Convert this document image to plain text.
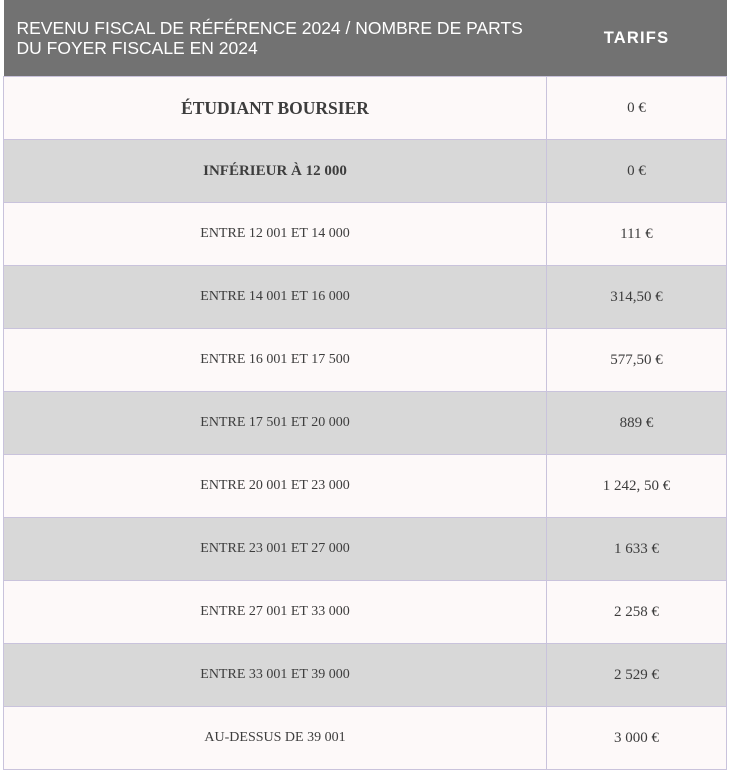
REVENU FISCAL DE RÉFÉRENCE 2024 / NOMBRE DE PARTS DU FOYER FISCALE EN 2024	TARIFS
ÉTUDIANT BOURSIER	0 €
INFÉRIEUR À 12 000	0 €
ENTRE 12 001 ET 14 000	111 €
ENTRE 14 001 ET 16 000	314,50 €
ENTRE 16 001 ET 17 500	577,50 €
ENTRE 17 501 ET 20 000	889 €
ENTRE 20 001 ET 23 000	1 242, 50 €
ENTRE 23 001 ET 27 000	1 633 €
ENTRE 27 001 ET 33 000	2 258 €
ENTRE 33 001 ET 39 000	2 529 €
AU-DESSUS DE 39 001	3 000 €
